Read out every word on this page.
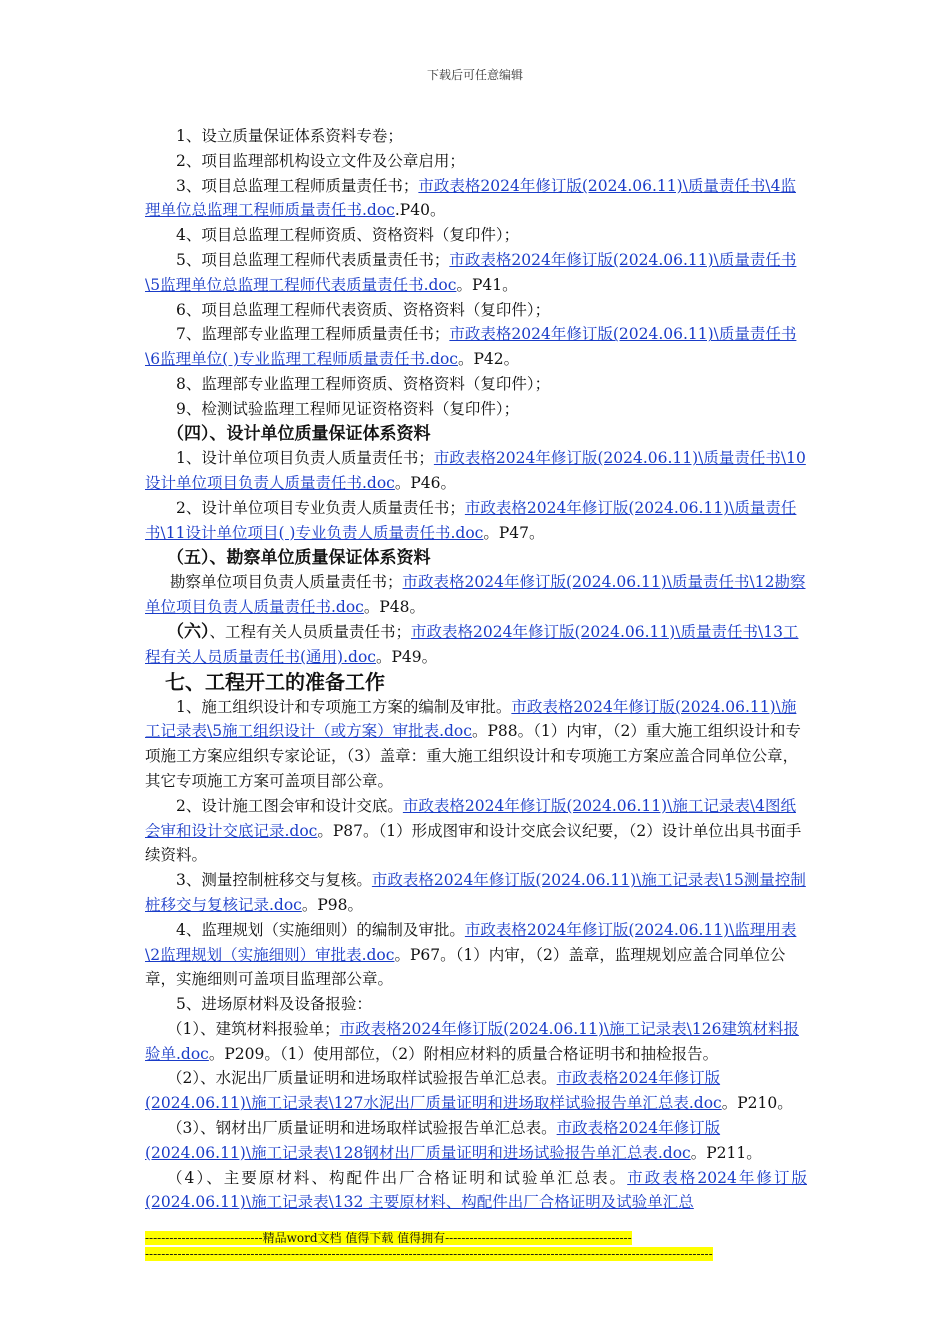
下载后可任意编辑

1、设立质量保证体系资料专卷；

2、项目监理部机构设立文件及公章启用；

3、项目总监理工程师质量责任书；市政表格2024年修订版(2024.06.11)\质量责任书\4监理单位总监理工程师质量责任书.doc.P40。

4、项目总监理工程师资质、资格资料（复印件）；

5、项目总监理工程师代表质量责任书；市政表格2024年修订版(2024.06.11)\质量责任书\5监理单位总监理工程师代表质量责任书.doc。P41。

6、项目总监理工程师代表资质、资格资料（复印件）；

7、监理部专业监理工程师质量责任书；市政表格2024年修订版(2024.06.11)\质量责任书\6监理单位( )专业监理工程师质量责任书.doc。P42。

8、监理部专业监理工程师资质、资格资料（复印件）；

9、检测试验监理工程师见证资格资料（复印件）；

（四）、设计单位质量保证体系资料

1、设计单位项目负责人质量责任书；市政表格2024年修订版(2024.06.11)\质量责任书\10设计单位项目负责人质量责任书.doc。P46。

2、设计单位项目专业负责人质量责任书；市政表格2024年修订版(2024.06.11)\质量责任书\11设计单位项目( )专业负责人质量责任书.doc。P47。

（五）、勘察单位质量保证体系资料

勘察单位项目负责人质量责任书；市政表格2024年修订版(2024.06.11)\质量责任书\12勘察单位项目负责人质量责任书.doc。P48。

（六）、工程有关人员质量责任书；市政表格2024年修订版(2024.06.11)\质量责任书\13工程有关人员质量责任书(通用).doc。P49。

七、工程开工的准备工作

1、施工组织设计和专项施工方案的编制及审批。市政表格2024年修订版(2024.06.11)\施工记录表\5施工组织设计（或方案）审批表.doc。P88。（1）内审，（2）重大施工组织设计和专项施工方案应组织专家论证，（3）盖章：重大施工组织设计和专项施工方案应盖合同单位公章，其它专项施工方案可盖项目部公章。

2、设计施工图会审和设计交底。市政表格2024年修订版(2024.06.11)\施工记录表\4图纸会审和设计交底记录.doc。P87。（1）形成图审和设计交底会议纪要，（2）设计单位出具书面手续资料。

3、测量控制桩移交与复核。市政表格2024年修订版(2024.06.11)\施工记录表\15测量控制桩移交与复核记录.doc。P98。

4、监理规划（实施细则）的编制及审批。市政表格2024年修订版(2024.06.11)\监理用表\2监理规划（实施细则）审批表.doc。P67。（1）内审，（2）盖章，监理规划应盖合同单位公章，实施细则可盖项目监理部公章。

5、进场原材料及设备报验：

（1）、建筑材料报验单；市政表格2024年修订版(2024.06.11)\施工记录表\126建筑材料报验单.doc。P209。（1）使用部位，（2）附相应材料的质量合格证明书和抽检报告。

（2）、水泥出厂质量证明和进场取样试验报告单汇总表。市政表格2024年修订版(2024.06.11)\施工记录表\127水泥出厂质量证明和进场取样试验报告单汇总表.doc。P210。

（3）、钢材出厂质量证明和进场取样试验报告单汇总表。市政表格2024年修订版(2024.06.11)\施工记录表\128钢材出厂质量证明和进场试验报告单汇总表.doc。P211。

（4）、主要原材料、构配件出厂合格证明和试验单汇总表。市政表格2024年修订版(2024.06.11)\施工记录表\132 主要原材料、构配件出厂合格证明及试验单汇总

-----------------------------精品word文档 值得下载 值得拥有----------------------------------------------
--------------------------------------------------------------------------------------------------------------------------------------------
